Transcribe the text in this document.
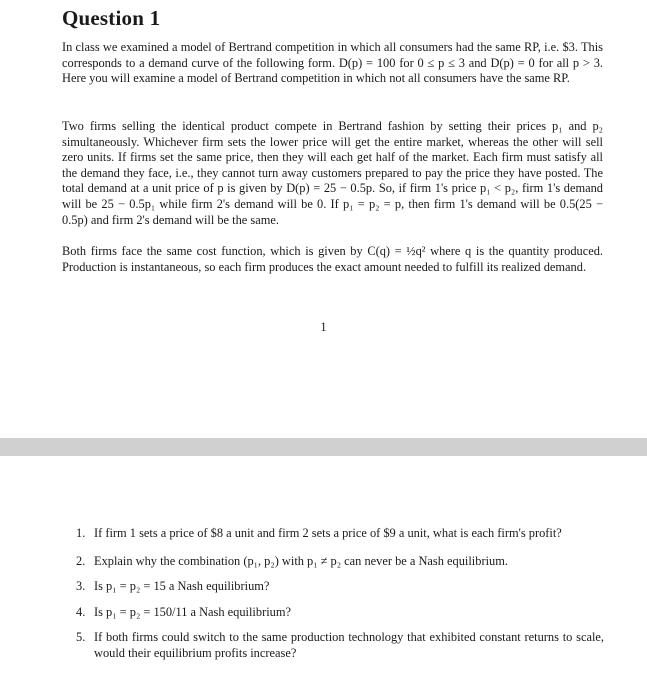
Question 1

In class we examined a model of Bertrand competition in which all consumers had the same RP, i.e. $3. This corresponds to a demand curve of the following form. D(p) = 100 for 0 ≤ p ≤ 3 and D(p) = 0 for all p > 3. Here you will examine a model of Bertrand competition in which not all consumers have the same RP.

Two firms selling the identical product compete in Bertrand fashion by setting their prices p₁ and p₂ simultaneously. Whichever firm sets the lower price will get the entire market, whereas the other will sell zero units. If firms set the same price, then they will each get half of the market. Each firm must satisfy all the demand they face, i.e., they cannot turn away customers prepared to pay the price they have posted. The total demand at a unit price of p is given by D(p) = 25 − 0.5p. So, if firm 1's price p₁ < p₂, firm 1's demand will be 25 − 0.5p₁ while firm 2's demand will be 0. If p₁ = p₂ = p, then firm 1's demand will be 0.5(25 − 0.5p) and firm 2's demand will be the same.

Both firms face the same cost function, which is given by C(q) = ½q² where q is the quantity produced. Production is instantaneous, so each firm produces the exact amount needed to fulfill its realized demand.

1
1. If firm 1 sets a price of $8 a unit and firm 2 sets a price of $9 a unit, what is each firm's profit?
2. Explain why the combination (p₁, p₂) with p₁ ≠ p₂ can never be a Nash equilibrium.
3. Is p₁ = p₂ = 15 a Nash equilibrium?
4. Is p₁ = p₂ = 150/11 a Nash equilibrium?
5. If both firms could switch to the same production technology that exhibited constant returns to scale, would their equilibrium profits increase?
